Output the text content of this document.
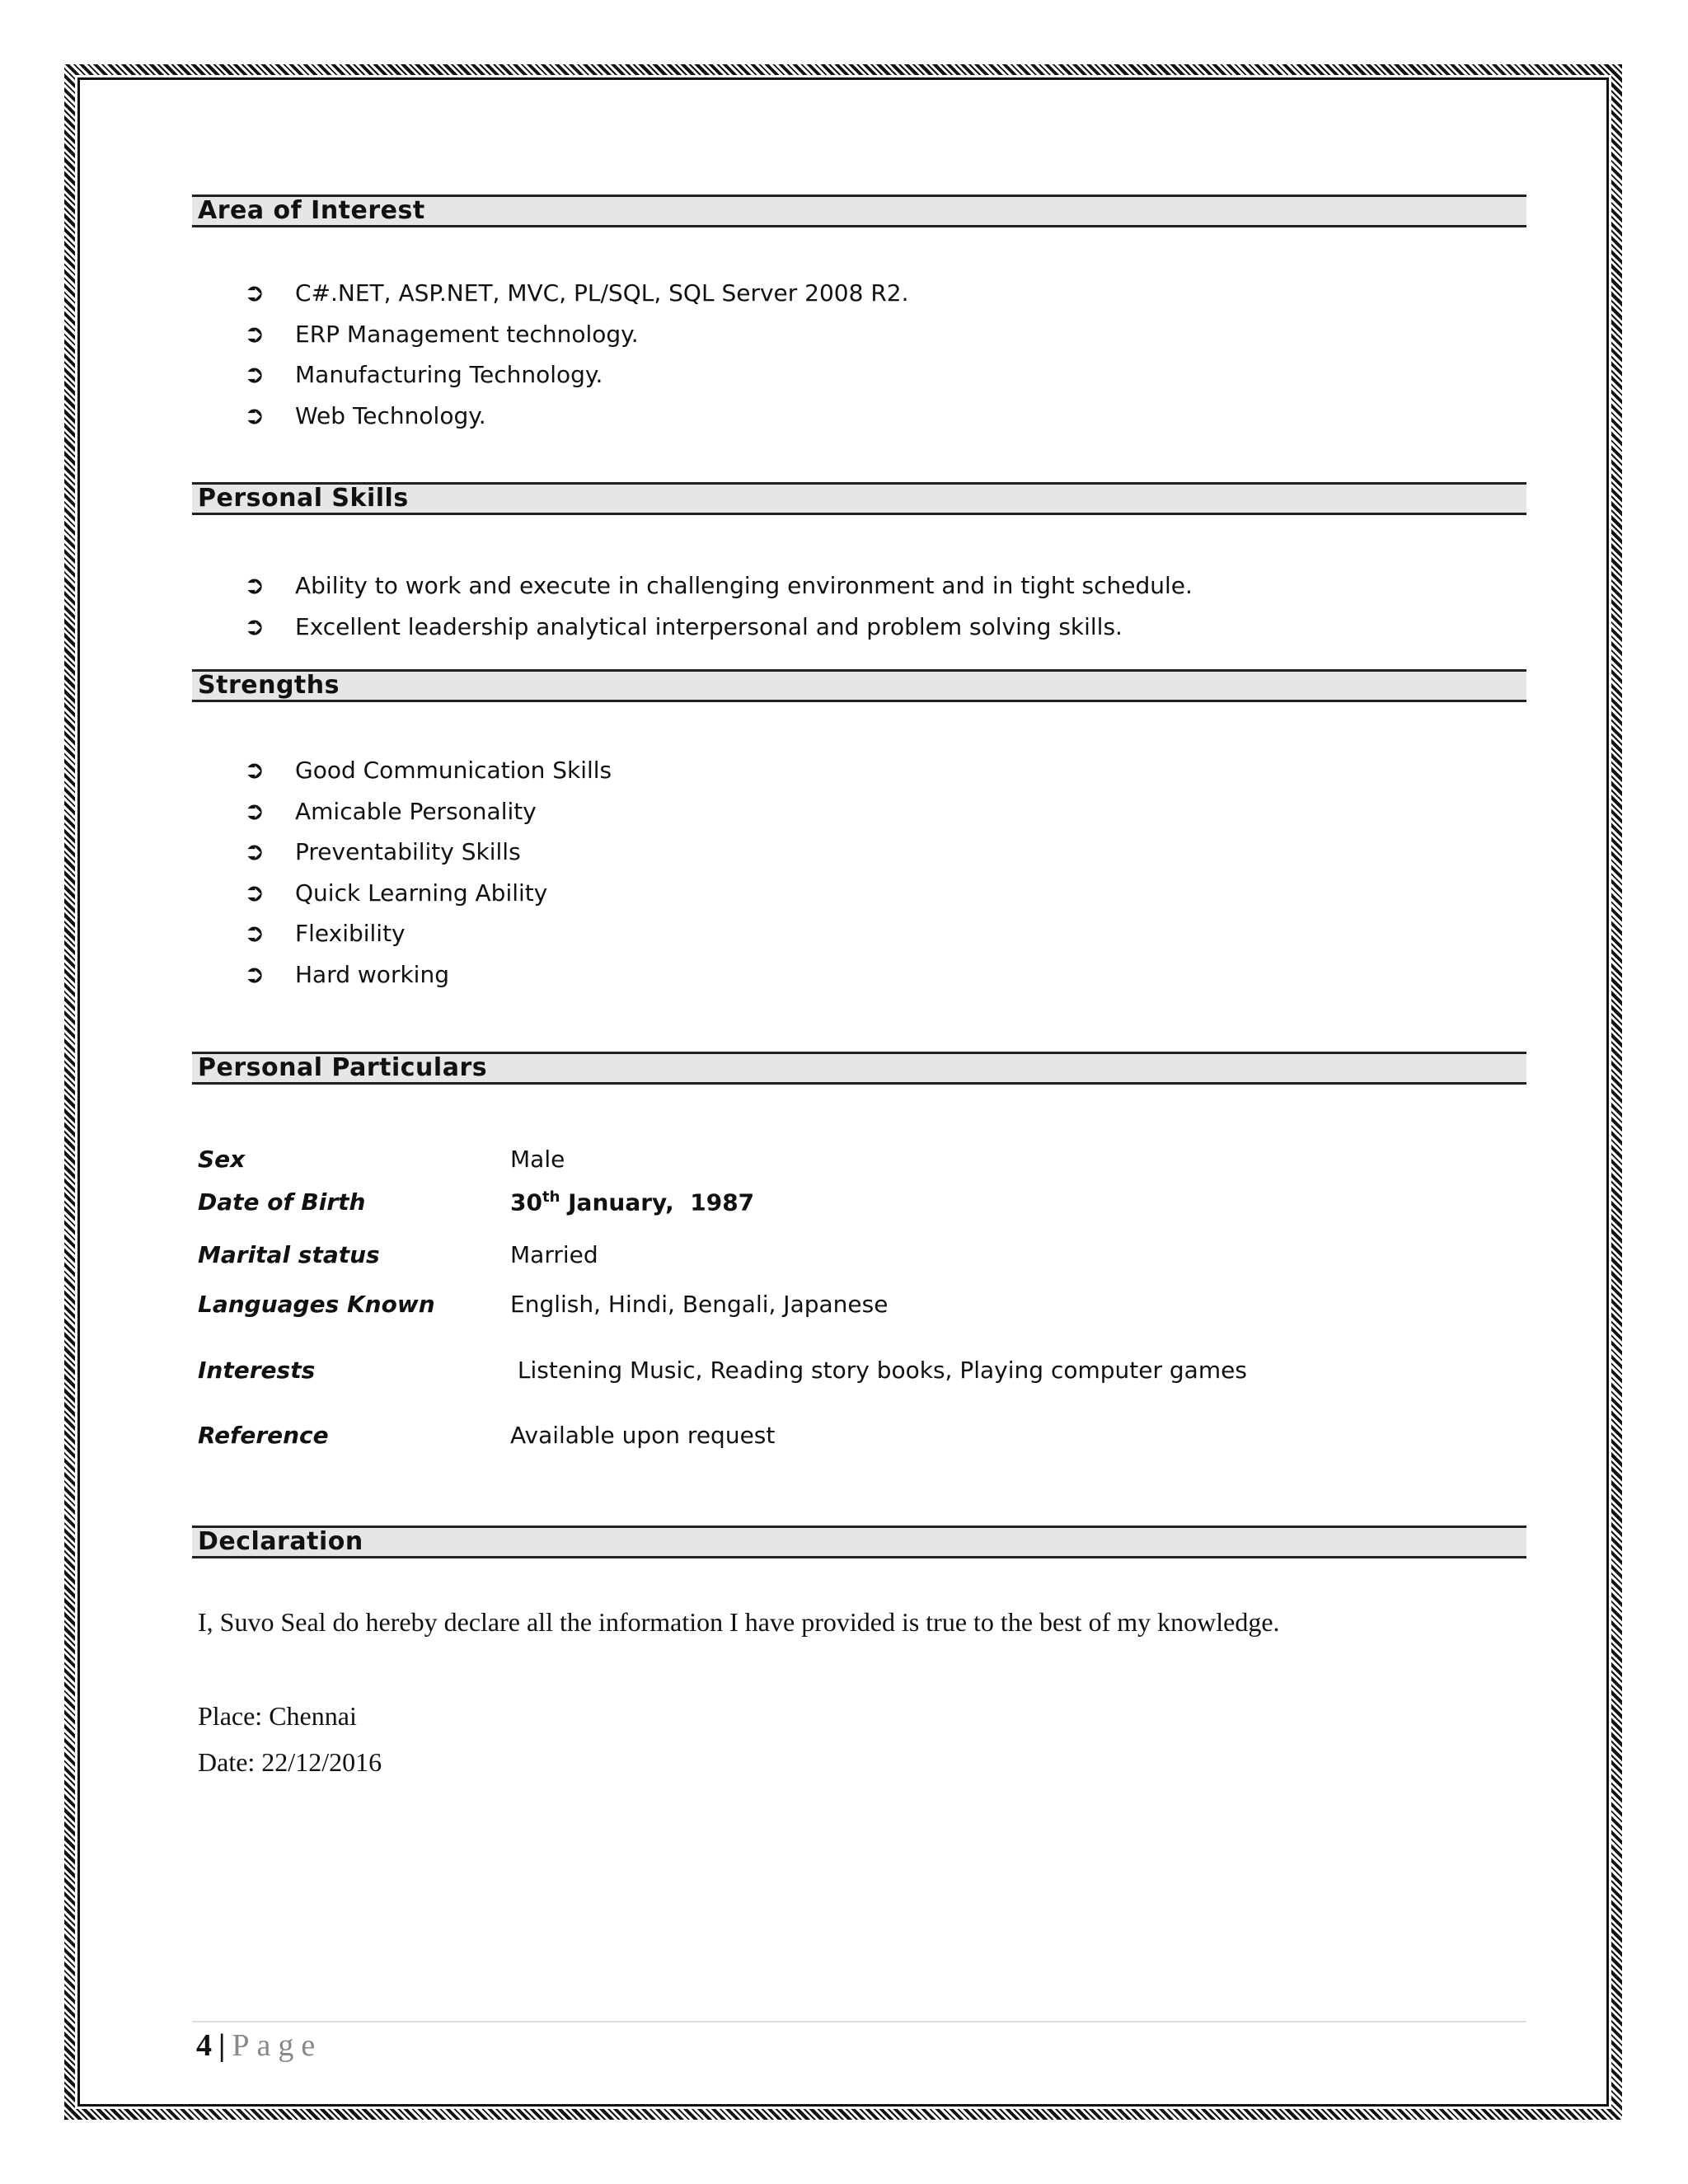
Area of Interest
➲	C#.NET, ASP.NET, MVC, PL/SQL, SQL Server 2008 R2.
➲	ERP Management technology.
➲	Manufacturing Technology.
➲	Web Technology.
Personal Skills
➲	Ability to work and execute in challenging environment and in tight schedule.
➲	Excellent leadership analytical interpersonal and problem solving skills.
Strengths
➲	Good Communication Skills
➲	Amicable Personality
➲	Preventability Skills
➲	Quick Learning Ability
➲	Flexibility
➲	Hard working
Personal Particulars
Sex	Male
Date of Birth	30th January,  1987
Marital status	Married
Languages Known	English, Hindi, Bengali, Japanese
Interests	Listening Music, Reading story books, Playing computer games
Reference	Available upon request
Declaration
I, Suvo Seal do hereby declare all the information I have provided is true to the best of my knowledge.
Place: Chennai
Date: 22/12/2016
4 | Page
